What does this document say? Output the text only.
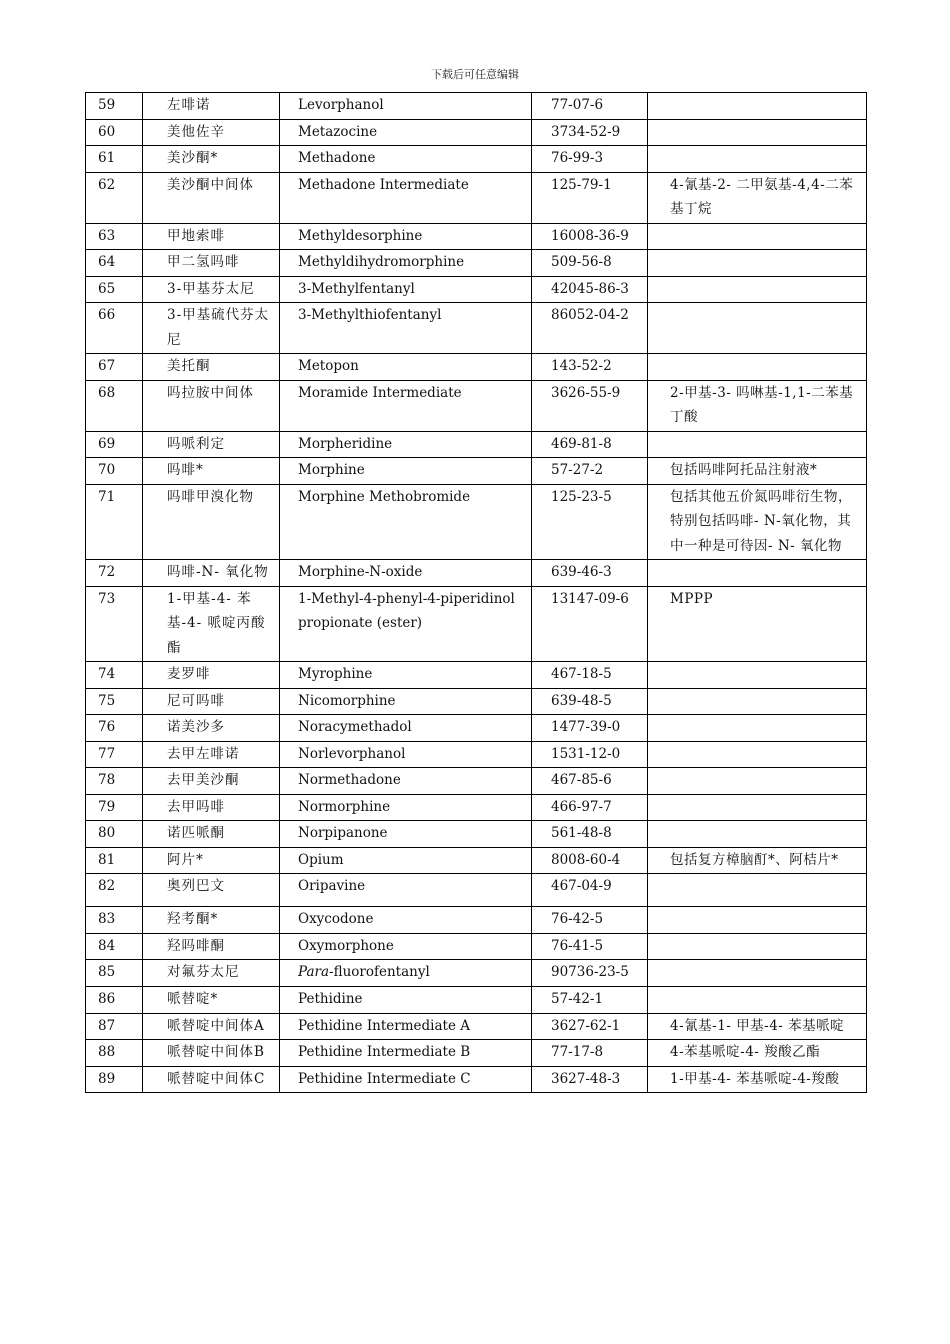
下载后可任意编辑
59	左啡诺	Levorphanol	77-07-6	
60	美他佐辛	Metazocine	3734-52-9	
61	美沙酮*	Methadone	76-99-3	
62	美沙酮中间体	Methadone Intermediate	125-79-1	4-氰基-2- 二甲氨基-4,4-二苯基丁烷
63	甲地索啡	Methyldesorphine	16008-36-9	
64	甲二氢吗啡	Methyldihydromorphine	509-56-8	
65	3-甲基芬太尼	3-Methylfentanyl	42045-86-3	
66	3-甲基硫代芬太尼	3-Methylthiofentanyl	86052-04-2	
67	美托酮	Metopon	143-52-2	
68	吗拉胺中间体	Moramide Intermediate	3626-55-9	2-甲基-3- 吗啉基-1,1-二苯基丁酸
69	吗哌利定	Morpheridine	469-81-8	
70	吗啡*	Morphine	57-27-2	包括吗啡阿托品注射液*
71	吗啡甲溴化物	Morphine Methobromide	125-23-5	包括其他五价氮吗啡衍生物，特别包括吗啡- N-氧化物，其中一种是可待因- N- 氧化物
72	吗啡-N- 氧化物	Morphine-N-oxide	639-46-3	
73	1-甲基-4- 苯基-4- 哌啶丙酸酯	1-Methyl-4-phenyl-4-piperidinol propionate (ester)	13147-09-6	MPPP
74	麦罗啡	Myrophine	467-18-5	
75	尼可吗啡	Nicomorphine	639-48-5	
76	诺美沙多	Noracymethadol	1477-39-0	
77	去甲左啡诺	Norlevorphanol	1531-12-0	
78	去甲美沙酮	Normethadone	467-85-6	
79	去甲吗啡	Normorphine	466-97-7	
80	诺匹哌酮	Norpipanone	561-48-8	
81	阿片*	Opium	8008-60-4	包括复方樟脑酊*、阿桔片*
82	奥列巴文	Oripavine	467-04-9	
83	羟考酮*	Oxycodone	76-42-5	
84	羟吗啡酮	Oxymorphone	76-41-5	
85	对氟芬太尼	Para-fluorofentanyl	90736-23-5	
86	哌替啶*	Pethidine	57-42-1	
87	哌替啶中间体A	Pethidine Intermediate A	3627-62-1	4-氰基-1- 甲基-4- 苯基哌啶
88	哌替啶中间体B	Pethidine Intermediate B	77-17-8	4-苯基哌啶-4- 羧酸乙酯
89	哌替啶中间体C	Pethidine Intermediate C	3627-48-3	1-甲基-4- 苯基哌啶-4-羧酸
